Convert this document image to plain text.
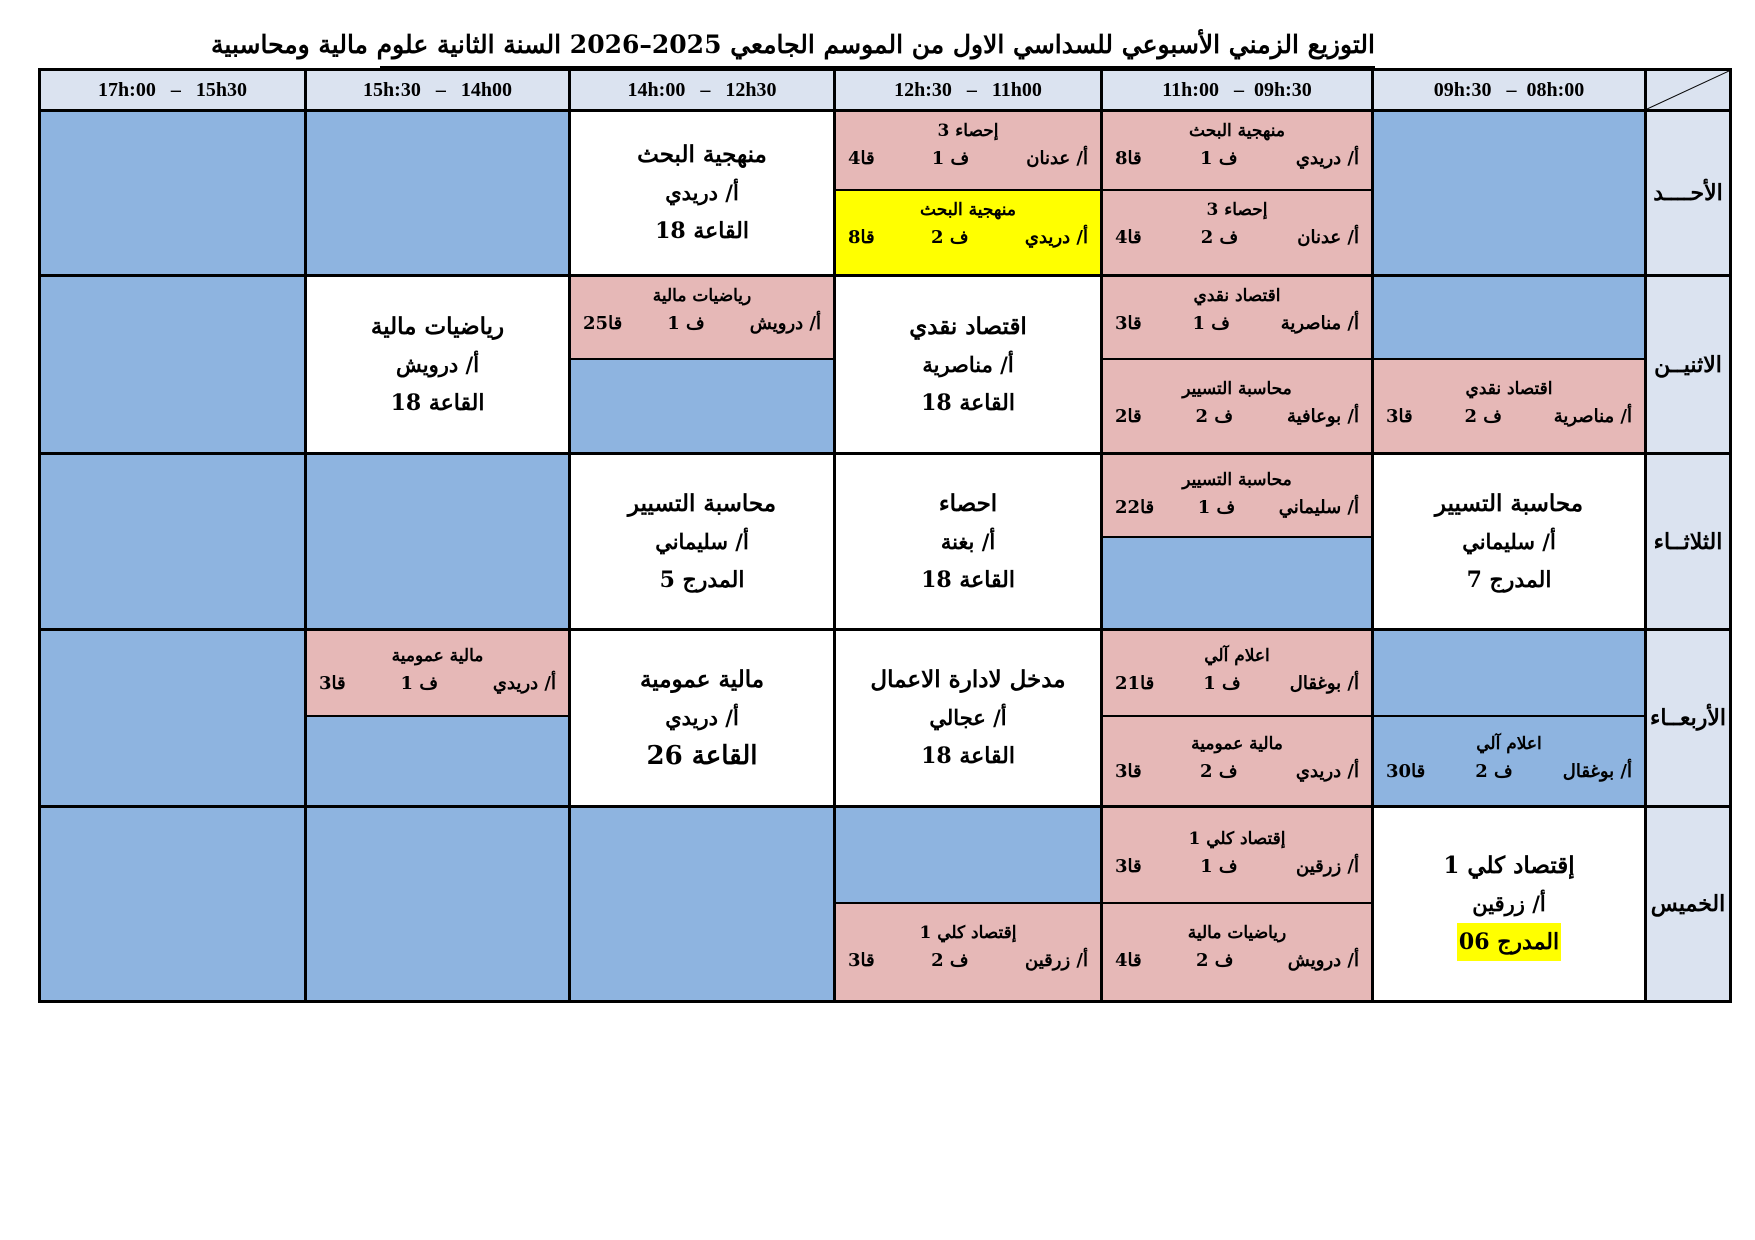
التوزيع الزمني الأسبوعي للسداسي الاول من الموسم الجامعي 2025–2026 السنة الثانية علوم مالية ومحاسبية
09h:30   –  08h:00
11h:00   –  09h:30
12h:30   –   11h00
14h:00   –   12h30
15h:30   –   14h00
17h:00   –   15h30
الأحــــد
الاثنيــن
الثلاثــاء
الأربعــاء
الخميس
منهجية البحث
أ/ دريدي
ف 1
قا8
إحصاء 3
أ/ عدنان
ف 2
قا4
إحصاء 3
أ/ عدنان
ف 1
قا4
منهجية البحث
أ/ دريدي
ف 2
قا8
منهجية البحث
أ/ دريدي
القاعة 18
اقتصاد نقدي
أ/ مناصرية
ف 2
قا3
اقتصاد نقدي
أ/ مناصرية
ف 1
قا3
محاسبة التسيير
أ/ بوعافية
ف 2
قا2
اقتصاد نقدي
أ/ مناصرية
القاعة 18
رياضيات مالية
أ/ درويش
ف 1
قا25
رياضيات مالية
أ/ درويش
القاعة 18
محاسبة التسيير
أ/ سليماني
المدرج 7
محاسبة التسيير
أ/ سليماني
ف 1
قا22
احصاء
أ/ بغنة
القاعة 18
محاسبة التسيير
أ/ سليماني
المدرج 5
اعلام آلي
أ/ بوغقال
ف 2
قا30
اعلام آلي
أ/ بوغقال
ف 1
قا21
مالية عمومية
أ/ دريدي
ف 2
قا3
مدخل لادارة الاعمال
أ/ عجالي
القاعة 18
مالية عمومية
أ/ دريدي
القاعة 26
مالية عمومية
أ/ دريدي
ف 1
قا3
إقتصاد كلي 1
أ/ زرقين
المدرج 06
إقتصاد كلي 1
أ/ زرقين
ف 1
قا3
رياضيات مالية
أ/ درويش
ف 2
قا4
إقتصاد كلي 1
أ/ زرقين
ف 2
قا3
